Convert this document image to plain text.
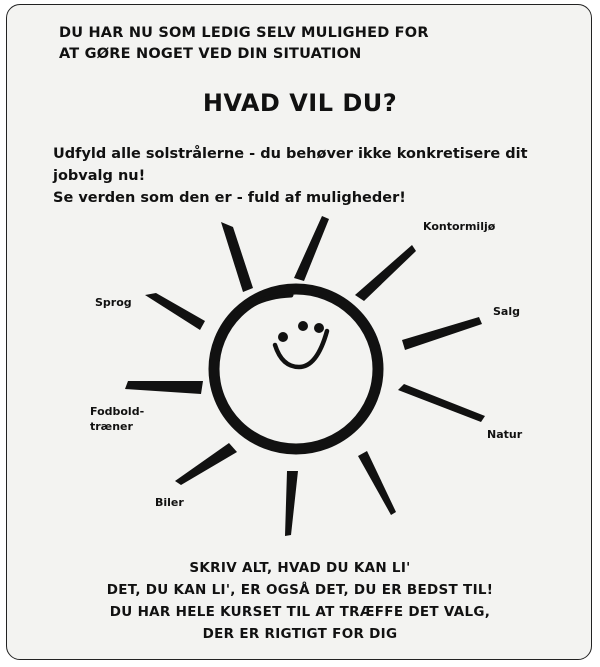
DU HAR NU SOM LEDIG SELV MULIGHED FOR
AT GØRE NOGET VED DIN SITUATION
HVAD VIL DU?
Udfyld alle solstrålerne - du behøver ikke konkretisere dit jobvalg nu!
Se verden som den er - fuld af muligheder!
Kontormiljø
Sprog
Salg
Fodbold-
træner
Natur
Biler
SKRIV ALT, HVAD DU KAN LI'
DET, DU KAN LI', ER OGSÅ DET, DU ER BEDST TIL!
DU HAR HELE KURSET TIL AT TRÆFFE DET VALG,
DER ER RIGTIGT FOR DIG
